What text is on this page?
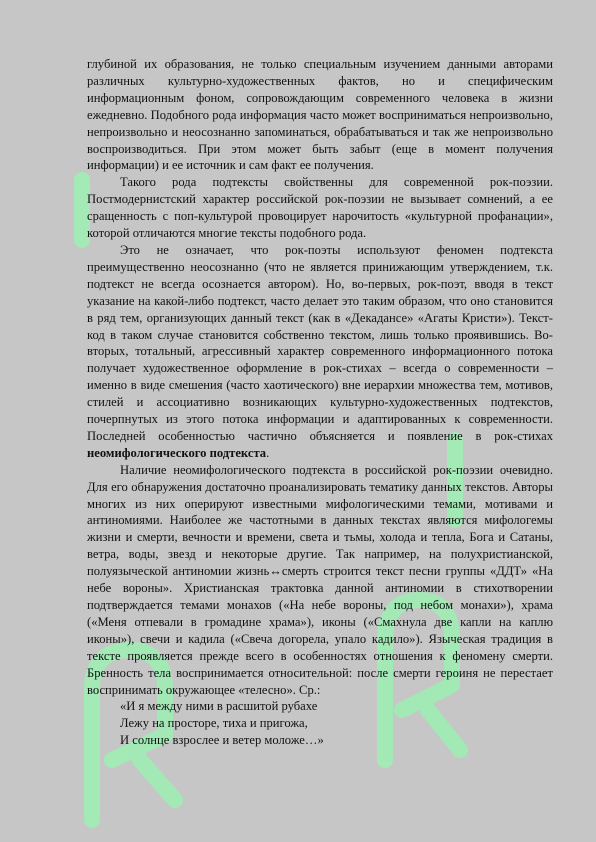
глубиной их образования, не только специальным изучением данными авторами различных культурно-художественных фактов, но и специфическим информационным фоном, сопровождающим современного человека в жизни ежедневно. Подобного рода информация часто может восприниматься непроизвольно, непроизвольно и неосознанно запоминаться, обрабатываться и так же непроизвольно воспроизводиться. При этом может быть забыт (еще в момент получения информации) и ее источник и сам факт ее получения.

Такого рода подтексты свойственны для современной рок-поэзии. Постмодернистский характер российской рок-поэзии не вызывает сомнений, а ее сращенность с поп-культурой провоцирует нарочитость «культурной профанации», которой отличаются многие тексты подобного рода.

Это не означает, что рок-поэты используют феномен подтекста преимущественно неосознанно (что не является принижающим утверждением, т.к. подтекст не всегда осознается автором). Но, во-первых, рок-поэт, вводя в текст указание на какой-либо подтекст, часто делает это таким образом, что оно становится в ряд тем, организующих данный текст (как в «Декадансе» «Агаты Кристи»). Текст-код в таком случае становится собственно текстом, лишь только проявившись. Во-вторых, тотальный, агрессивный характер современного информационного потока получает художественное оформление в рок-стихах – всегда о современности – именно в виде смешения (часто хаотического) вне иерархии множества тем, мотивов, стилей и ассоциативно возникающих культурно-художественных подтекстов, почерпнутых из этого потока информации и адаптированных к современности. Последней особенностью частично объясняется и появление в рок-стихах неомифологического подтекста.

Наличие неомифологического подтекста в российской рок-поэзии очевидно. Для его обнаружения достаточно проанализировать тематику данных текстов. Авторы многих из них оперируют известными мифологическими темами, мотивами и антиномиями. Наиболее же частотными в данных текстах являются мифологемы жизни и смерти, вечности и времени, света и тьмы, холода и тепла, Бога и Сатаны, ветра, воды, звезд и некоторые другие. Так например, на полухристианской, полуязыческой антиномии жизнь↔смерть строится текст песни группы «ДДТ» «На небе вороны». Христианская трактовка данной антиномии в стихотворении подтверждается темами монахов («На небе вороны, под небом монахи»), храма («Меня отпевали в громадине храма»), иконы («Смахнула две капли на каплю иконы»), свечи и кадила («Свеча догорела, упало кадило»). Языческая традиция в тексте проявляется прежде всего в особенностях отношения к феномену смерти. Бренность тела воспринимается относительной: после смерти героиня не перестает воспринимать окружающее «телесно». Ср.:

«И я между ними в расшитой рубахе
Лежу на просторе, тиха и пригожа,
И солнце взрослее и ветер моложе…»
